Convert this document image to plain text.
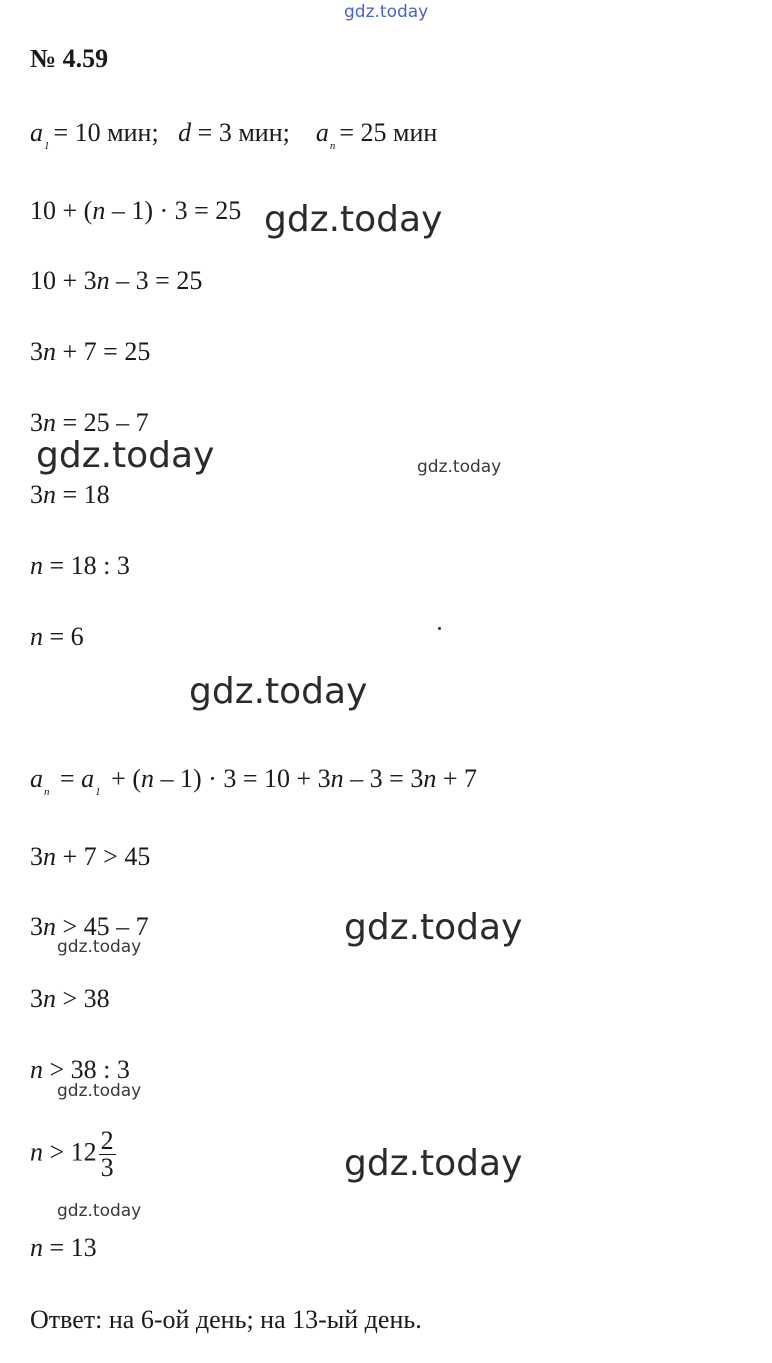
gdz.today
gdz.today
gdz.today	gdz.today
gdz.today
gdz.today
gdz.today
gdz.today
gdz.today
gdz.today
№ 4.59
$a_1 = 10$ мин; d = 3 мин; $a_n = 25$ мин
10 + (n – 1) · 3 = 25
10 + 3n – 3 = 25
3n + 7 = 25
3n = 25 – 7
3n = 18
n = 18 : 3
n = 6
$a_n = a_1 + (n - 1) \cdot 3 = 10 + 3n - 3 = 3n + 7$
3n + 7 > 45
3n > 45 – 7
3n > 38
n > 38 : 3
$n > 12 \frac{2}{3}$
n = 13
Ответ: на 6-ой день; на 13-ый день.
